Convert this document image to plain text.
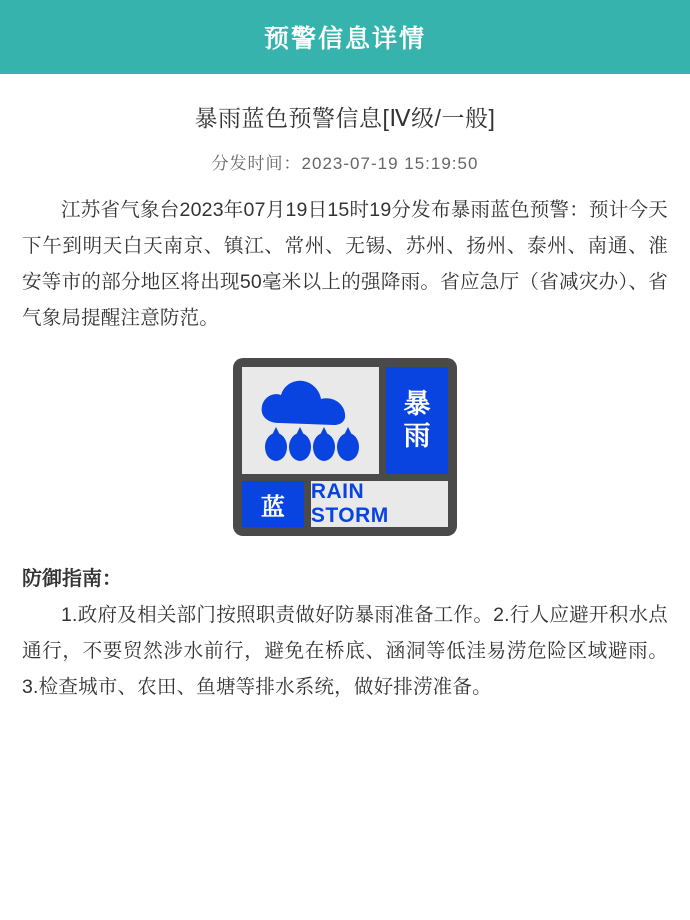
预警信息详情
暴雨蓝色预警信息[Ⅳ级/一般]
分发时间：2023-07-19 15:19:50
江苏省气象台2023年07月19日15时19分发布暴雨蓝色预警：预计今天下午到明天白天南京、镇江、常州、无锡、苏州、扬州、泰州、南通、淮安等市的部分地区将出现50毫米以上的强降雨。省应急厅（省减灾办）、省气象局提醒注意防范。
暴
雨
蓝
RAIN STORM
防御指南：
1.政府及相关部门按照职责做好防暴雨准备工作。2.行人应避开积水点通行，不要贸然涉水前行，避免在桥底、涵洞等低洼易涝危险区域避雨。3.检查城市、农田、鱼塘等排水系统，做好排涝准备。
